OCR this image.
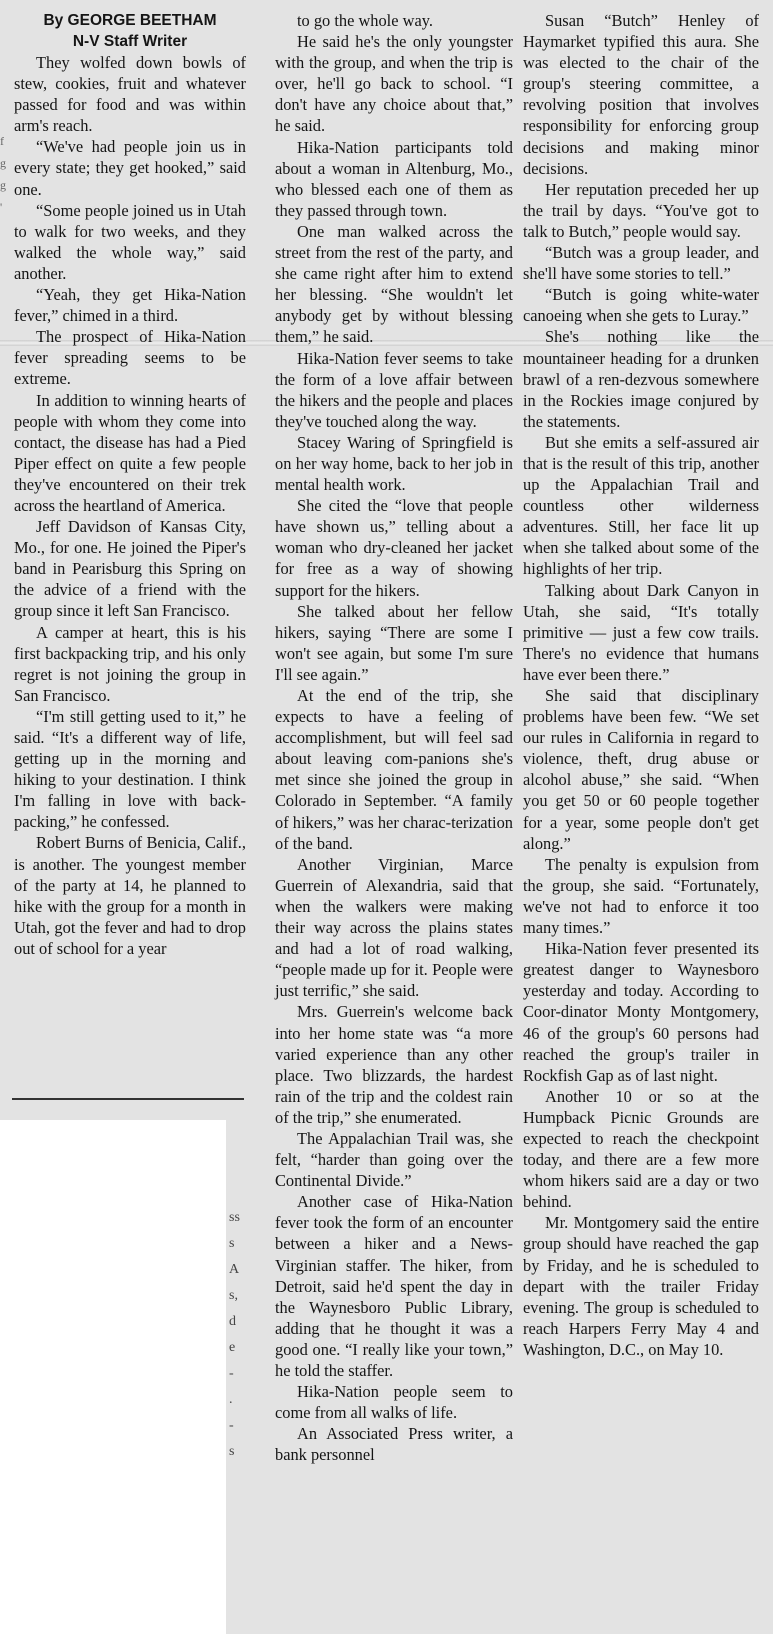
f
g
g
'
By GEORGE BEETHAM
N-V Staff Writer

They wolfed down bowls of stew, cookies, fruit and whatever passed for food and was within arm's reach.

“We've had people join us in every state; they get hooked,” said one.

“Some people joined us in Utah to walk for two weeks, and they walked the whole way,” said another.

“Yeah, they get Hika-Nation fever,” chimed in a third.

The prospect of Hika-Nation fever spreading seems to be extreme.

In addition to winning hearts of people with whom they come into contact, the disease has had a Pied Piper effect on quite a few people they've encountered on their trek across the heartland of America.

Jeff Davidson of Kansas City, Mo., for one. He joined the Piper's band in Pearisburg this Spring on the advice of a friend with the group since it left San Francisco.

A camper at heart, this is his first backpacking trip, and his only regret is not joining the group in San Francisco.

“I'm still getting used to it,” he said. “It's a different way of life, getting up in the morning and hiking to your destination. I think I'm falling in love with back-packing,” he confessed.

Robert Burns of Benicia, Calif., is another. The youngest member of the party at 14, he planned to hike with the group for a month in Utah, got the fever and had to drop out of school for a year

to go the whole way.

He said he's the only youngster with the group, and when the trip is over, he'll go back to school. “I don't have any choice about that,” he said.

Hika-Nation participants told about a woman in Altenburg, Mo., who blessed each one of them as they passed through town.

One man walked across the street from the rest of the party, and she came right after him to extend her blessing. “She wouldn't let anybody get by without blessing them,” he said.

Hika-Nation fever seems to take the form of a love affair between the hikers and the people and places they've touched along the way.

Stacey Waring of Springfield is on her way home, back to her job in mental health work.

She cited the “love that people have shown us,” telling about a woman who dry-cleaned her jacket for free as a way of showing support for the hikers.

She talked about her fellow hikers, saying “There are some I won't see again, but some I'm sure I'll see again.”

At the end of the trip, she expects to have a feeling of accomplishment, but will feel sad about leaving com-panions she's met since she joined the group in Colorado in September. “A family of hikers,” was her charac-terization of the band.

Another Virginian, Marce Guerrein of Alexandria, said that when the walkers were making their way across the plains states and had a lot of road walking, “people made up for it. People were just terrific,” she said.

Mrs. Guerrein's welcome back into her home state was “a more varied experience than any other place. Two blizzards, the hardest rain of the trip and the coldest rain of the trip,” she enumerated.

The Appalachian Trail was, she felt, “harder than going over the Continental Divide.”

Another case of Hika-Nation fever took the form of an encounter between a hiker and a News-Virginian staffer. The hiker, from Detroit, said he'd spent the day in the Waynesboro Public Library, adding that he thought it was a good one. “I really like your town,” he told the staffer.

Hika-Nation people seem to come from all walks of life.

An Associated Press writer, a bank personnel

Susan “Butch” Henley of Haymarket typified this aura. She was elected to the chair of the group's steering committee, a revolving position that involves responsibility for enforcing group decisions and making minor decisions.

Her reputation preceded her up the trail by days. “You've got to talk to Butch,” people would say.

“Butch was a group leader, and she'll have some stories to tell.”

“Butch is going white-water canoeing when she gets to Luray.”

She's nothing like the mountaineer heading for a drunken brawl of a ren-dezvous somewhere in the Rockies image conjured by the statements.

But she emits a self-assured air that is the result of this trip, another up the Appalachian Trail and countless other wilderness adventures. Still, her face lit up when she talked about some of the highlights of her trip.

Talking about Dark Canyon in Utah, she said, “It's totally primitive — just a few cow trails. There's no evidence that humans have ever been there.”

She said that disciplinary problems have been few. “We set our rules in California in regard to violence, theft, drug abuse or alcohol abuse,” she said. “When you get 50 or 60 people together for a year, some people don't get along.”

The penalty is expulsion from the group, she said. “Fortunately, we've not had to enforce it too many times.”

Hika-Nation fever presented its greatest danger to Waynesboro yesterday and today. According to Coor-dinator Monty Montgomery, 46 of the group's 60 persons had reached the group's trailer in Rockfish Gap as of last night.

Another 10 or so at the Humpback Picnic Grounds are expected to reach the checkpoint today, and there are a few more whom hikers said are a day or two behind.

Mr. Montgomery said the entire group should have reached the gap by Friday, and he is scheduled to depart with the trailer Friday evening. The group is scheduled to reach Harpers Ferry May 4 and Washington, D.C., on May 10.

ss
s
A
s,
d
e
-
.
-
s
